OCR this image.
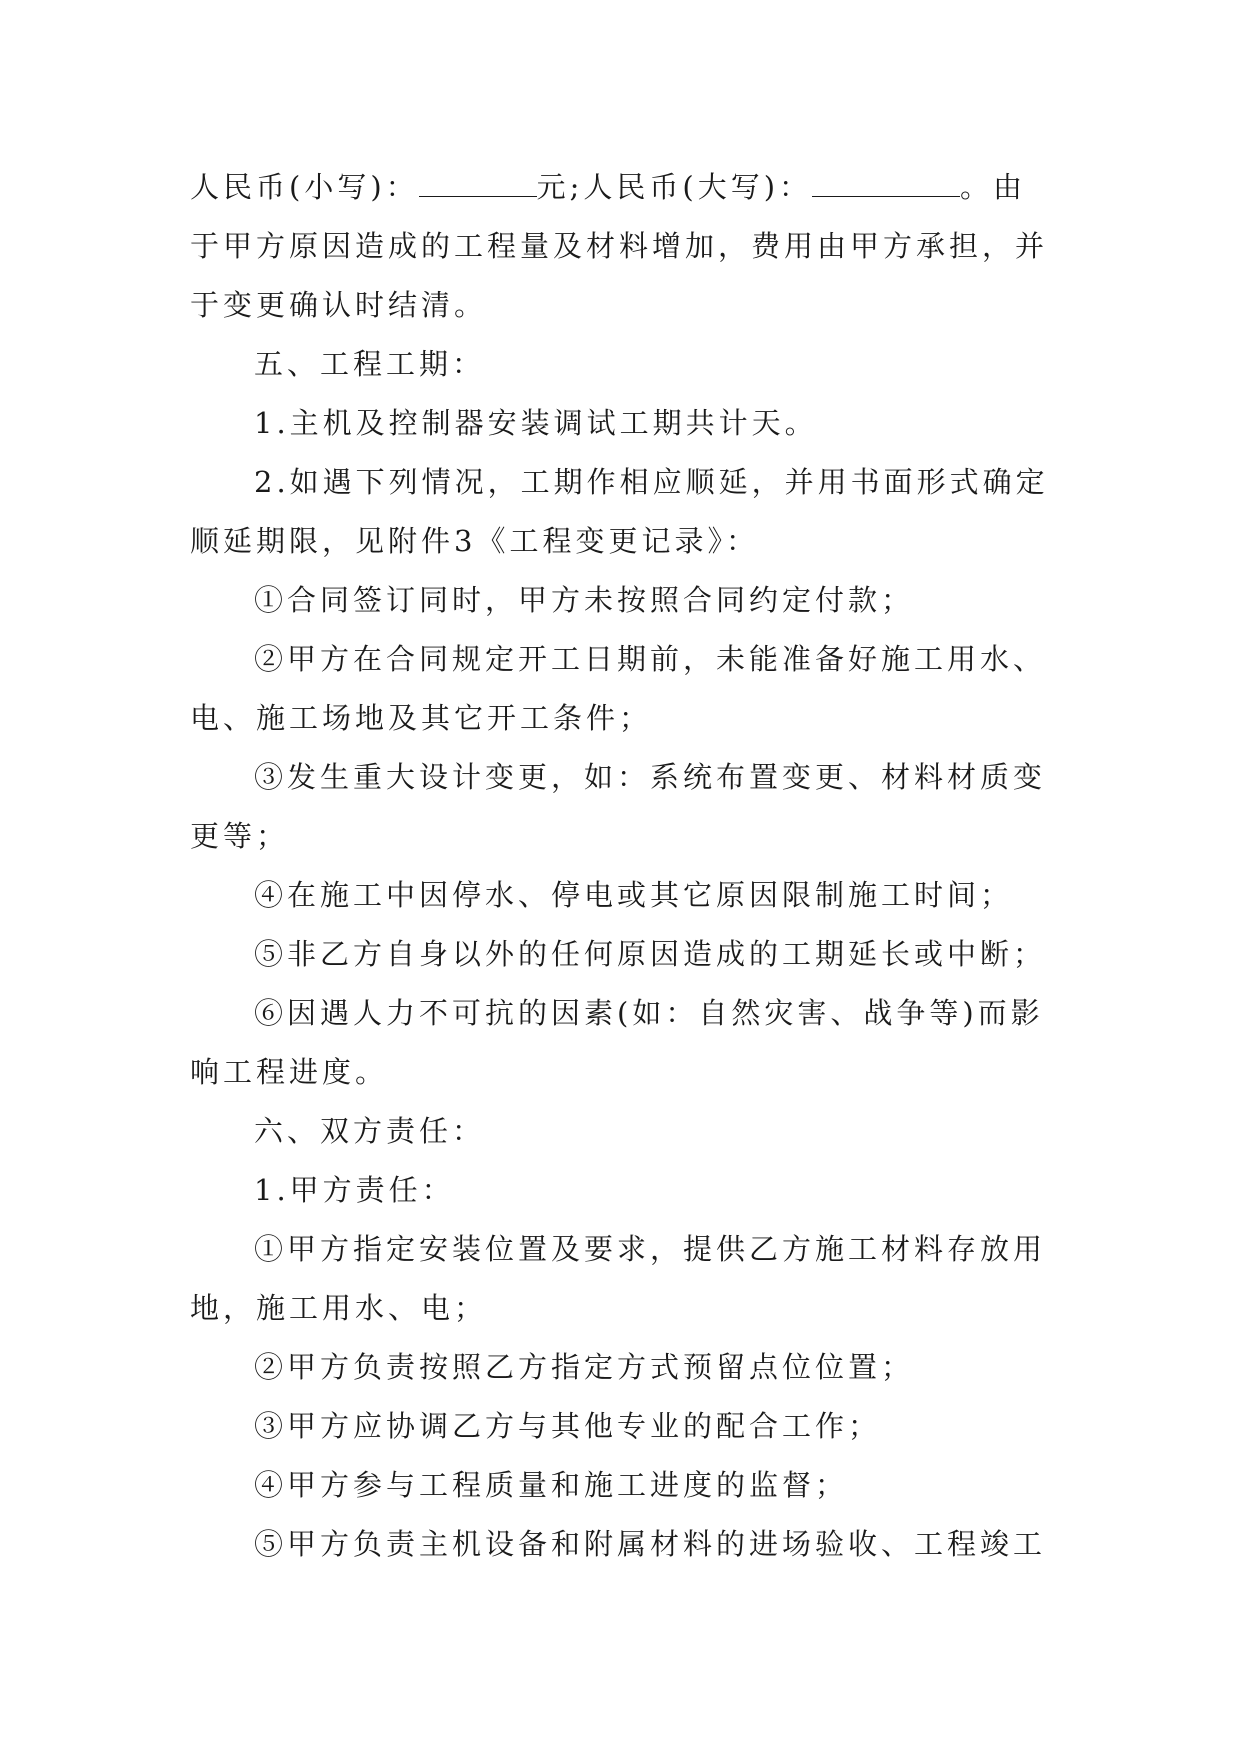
人民币(小写)：	元;人民币(大写)：	。由
于甲方原因造成的工程量及材料增加，费用由甲方承担，并
于变更确认时结清。
五、工程工期：
1.主机及控制器安装调试工期共计天。
2.如遇下列情况，工期作相应顺延，并用书面形式确定
顺延期限，见附件3《工程变更记录》：
①合同签订同时，甲方未按照合同约定付款；
②甲方在合同规定开工日期前，未能准备好施工用水、
电、施工场地及其它开工条件；
③发生重大设计变更，如：系统布置变更、材料材质变
更等；
④在施工中因停水、停电或其它原因限制施工时间；
⑤非乙方自身以外的任何原因造成的工期延长或中断；
⑥因遇人力不可抗的因素(如：自然灾害、战争等)而影
响工程进度。
六、双方责任：
1.甲方责任：
①甲方指定安装位置及要求，提供乙方施工材料存放用
地，施工用水、电；
②甲方负责按照乙方指定方式预留点位位置；
③甲方应协调乙方与其他专业的配合工作；
④甲方参与工程质量和施工进度的监督；
⑤甲方负责主机设备和附属材料的进场验收、工程竣工
